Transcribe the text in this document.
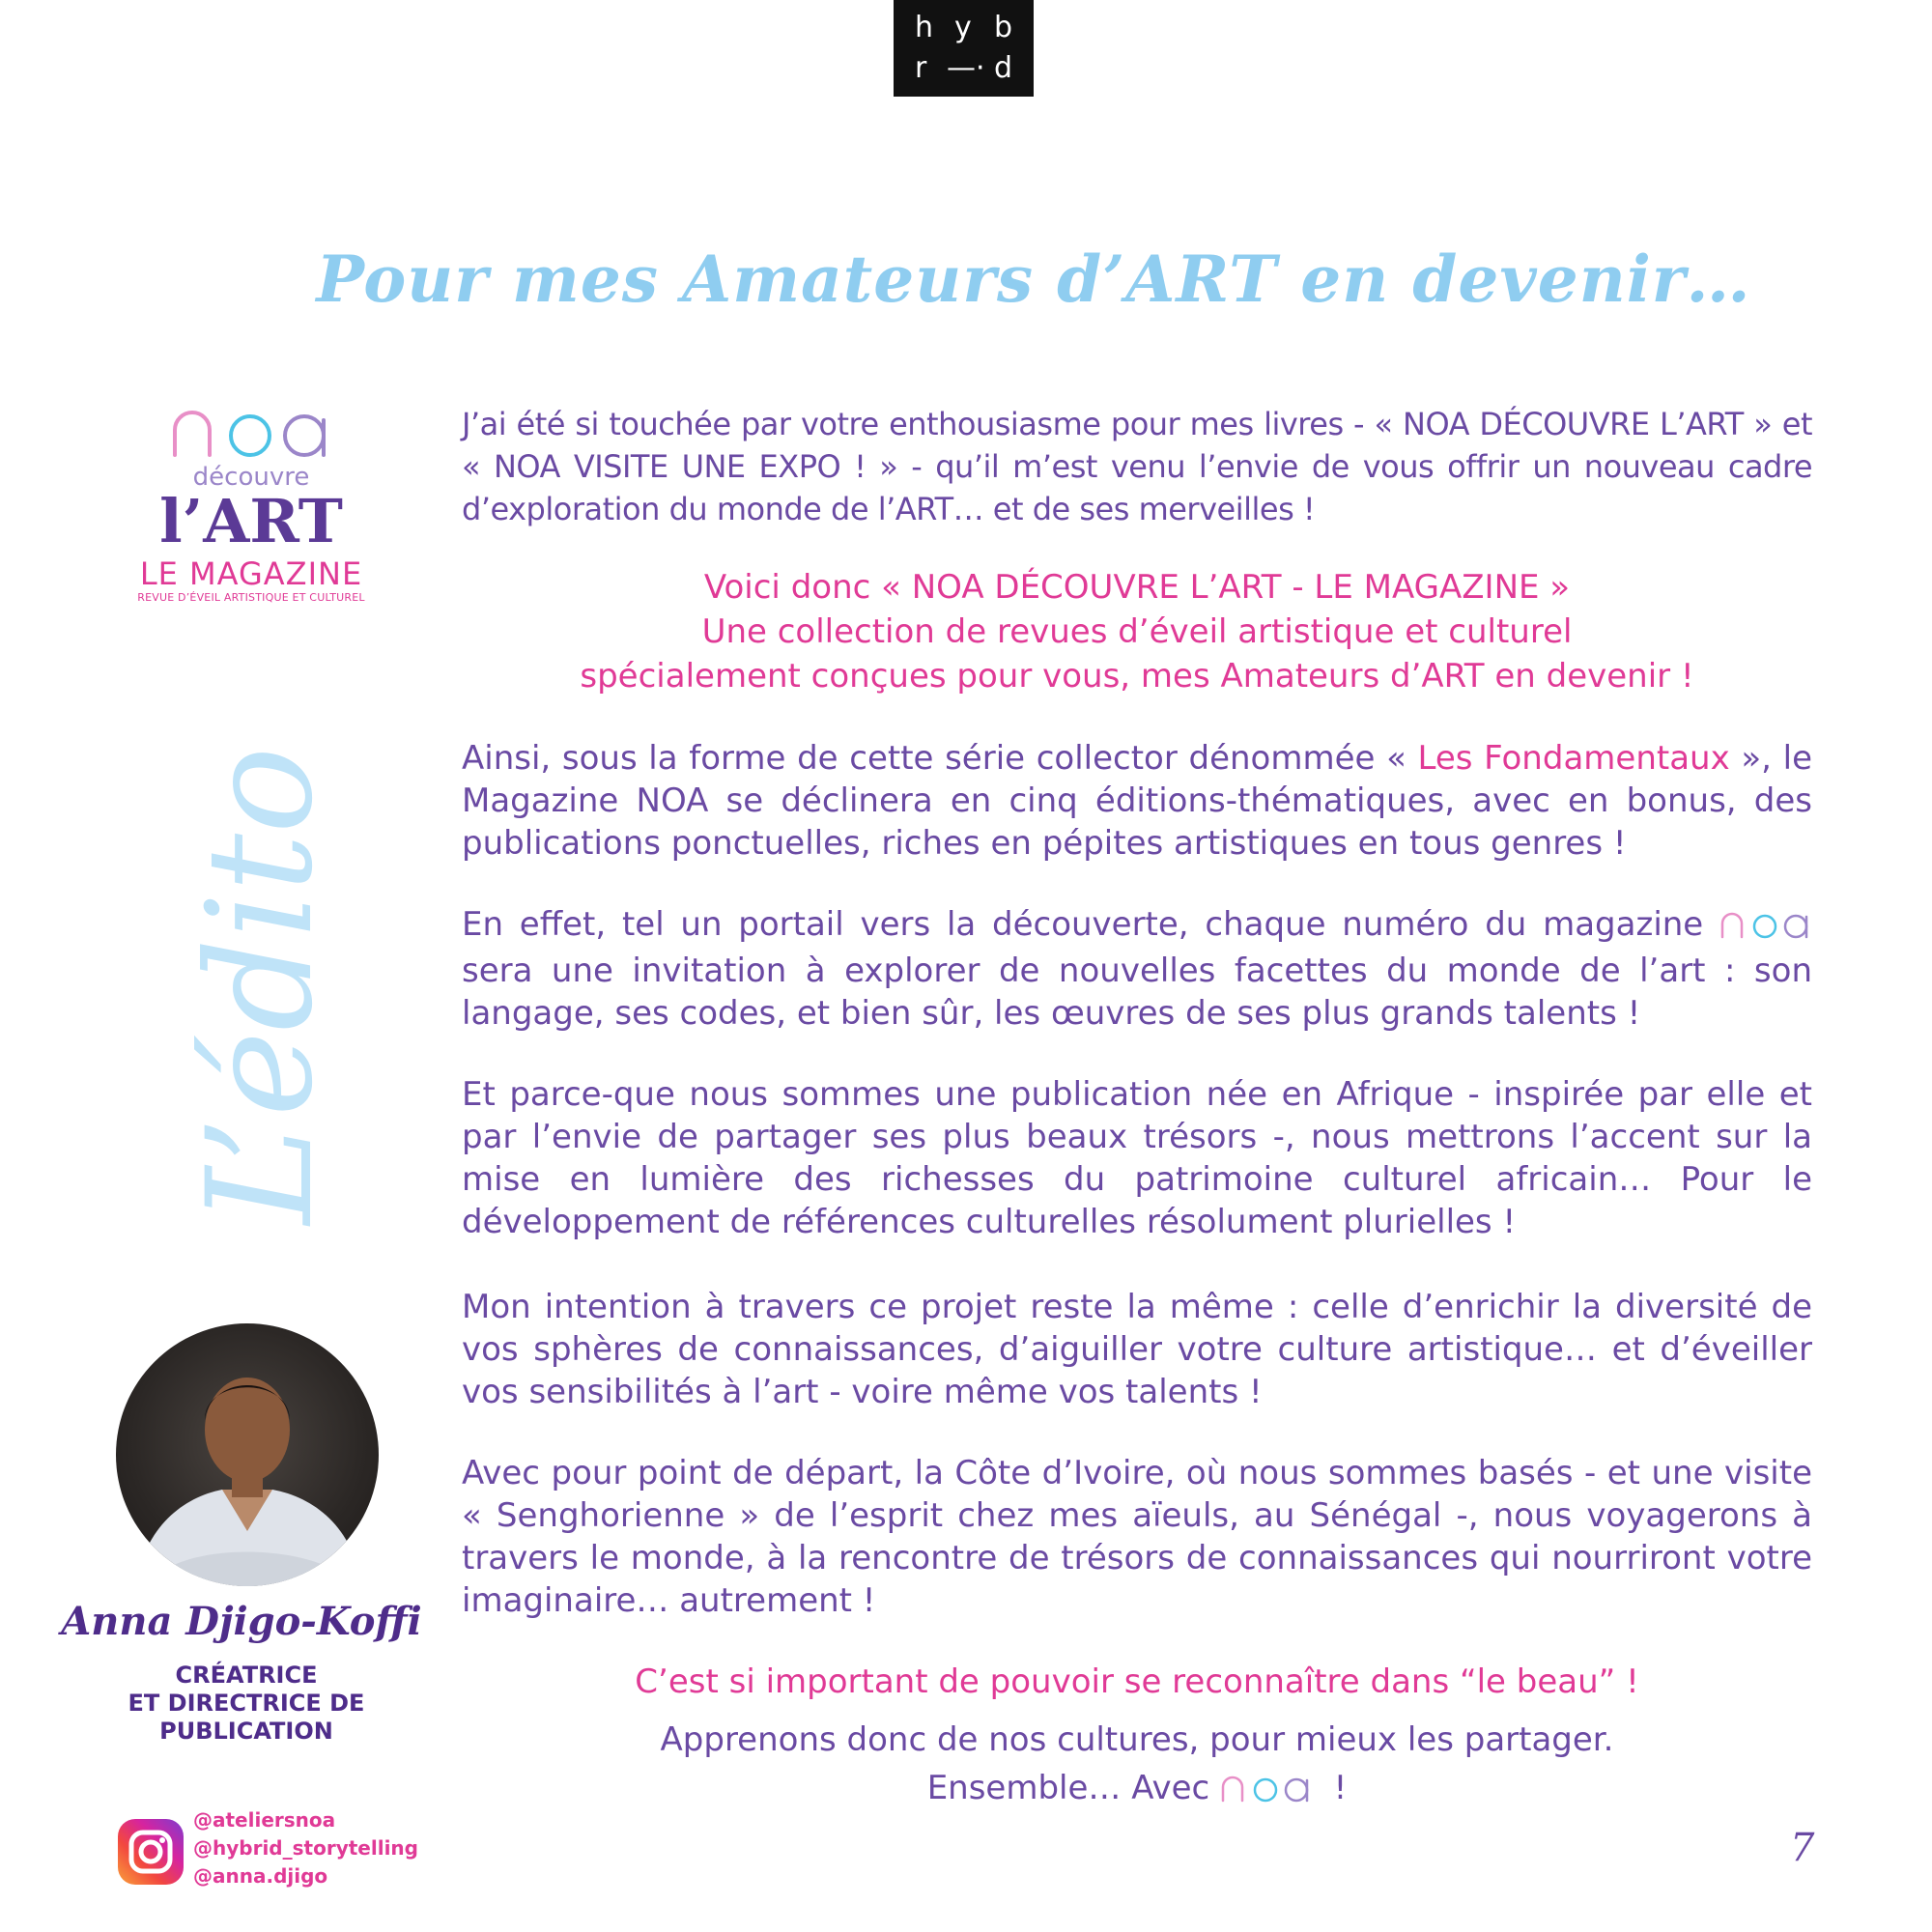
h y b
r —· d
Pour mes Amateurs d’ART en devenir…
découvre
l’ART
LE MAGAZINE
REVUE D’ÉVEIL ARTISTIQUE ET CULTUREL
L’édito

J’ai été si touchée par votre enthousiasme pour mes livres - « NOA DÉCOUVRE L’ART » et « NOA VISITE UNE EXPO ! » - qu’il m’est venu l’envie de vous offrir un nouveau cadre d’exploration du monde de l’ART… et de ses merveilles !

Voici donc « NOA DÉCOUVRE L’ART - LE MAGAZINE »
Une collection de revues d’éveil artistique et culturel
spécialement conçues pour vous, mes Amateurs d’ART en devenir !

Ainsi, sous la forme de cette série collector dénommée « Les Fondamentaux », le Magazine NOA se déclinera en cinq éditions-thématiques, avec en bonus, des publications ponctuelles, riches en pépites artistiques en tous genres !

En effet, tel un portail vers la découverte, chaque numéro du magazine  sera une invitation à explorer de nouvelles facettes du monde de l’art : son langage, ses codes, et bien sûr, les œuvres de ses plus grands talents !

Et parce-que nous sommes une publication née en Afrique - inspirée par elle et par l’envie de partager ses plus beaux trésors -, nous mettrons l’accent sur la mise en lumière des richesses du patrimoine culturel africain… Pour le développement de références culturelles résolument plurielles !

Mon intention à travers ce projet reste la même : celle d’enrichir la diversité de vos sphères de connaissances, d’aiguiller votre culture artistique… et d’éveiller vos sensibilités à l’art - voire même vos talents !

Avec pour point de départ, la Côte d’Ivoire, où nous sommes basés - et une visite « Senghorienne » de l’esprit chez mes aïeuls, au Sénégal -, nous voyagerons à travers le monde, à la rencontre de trésors de connaissances qui nourriront votre imaginaire… autrement !

C’est si important de pouvoir se reconnaître dans “le beau” !

Apprenons donc de nos cultures, pour mieux les partager.

Ensemble… Avec	!

Anna Djigo-Koffi
CRÉATRICE
ET DIRECTRICE DE PUBLICATION
@ateliersnoa
@hybrid_storytelling
@anna.djigo
7
